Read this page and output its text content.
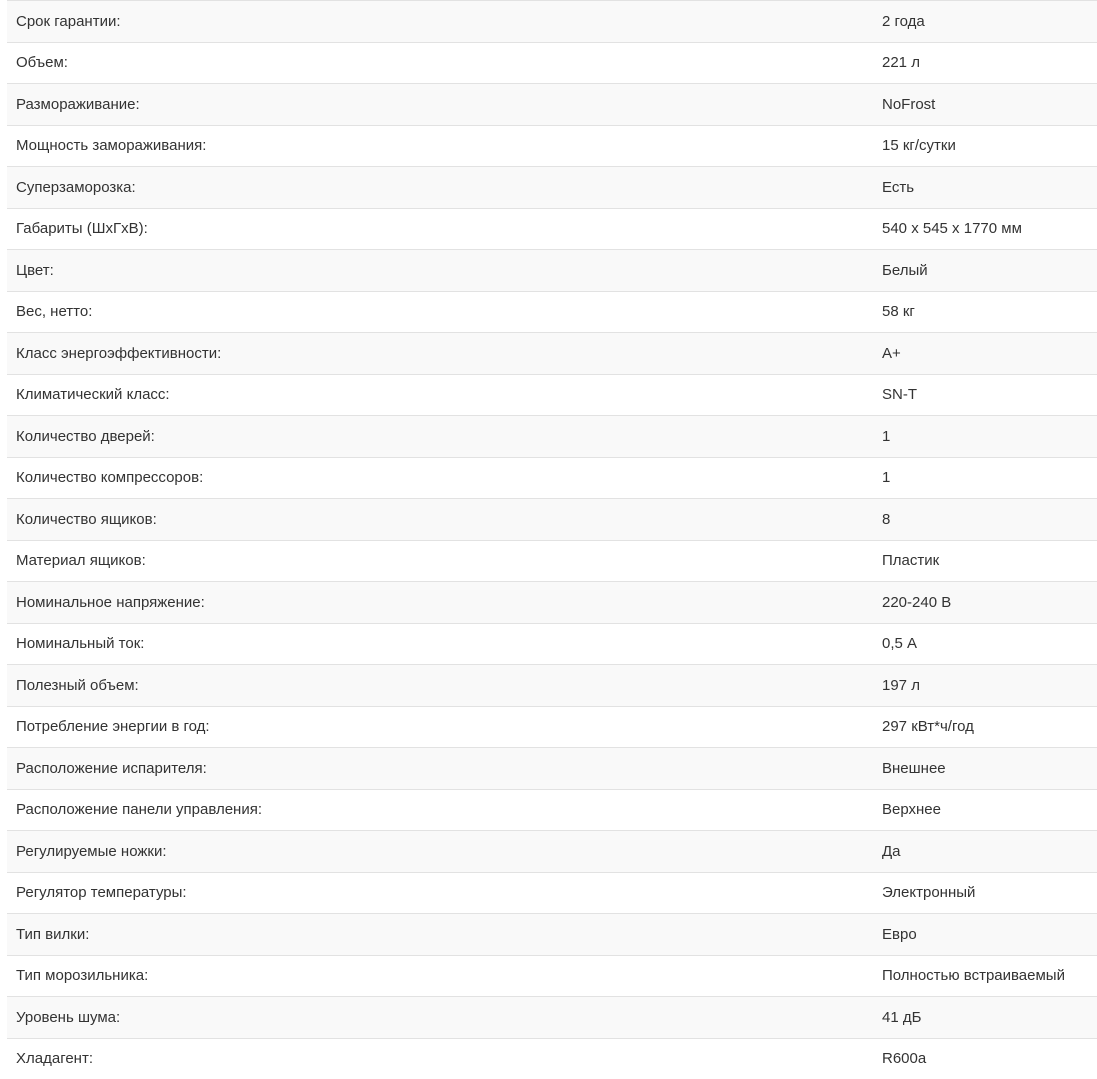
Срок гарантии:	2 года
Объем:	221 л
Размораживание:	NoFrost
Мощность замораживания:	15 кг/сутки
Суперзаморозка:	Есть
Габариты (ШхГхВ):	540 х 545 х 1770 мм
Цвет:	Белый
Вес, нетто:	58 кг
Класс энергоэффективности:	A+
Климатический класс:	SN-T
Количество дверей:	1
Количество компрессоров:	1
Количество ящиков:	8
Материал ящиков:	Пластик
Номинальное напряжение:	220-240 В
Номинальный ток:	0,5 А
Полезный объем:	197 л
Потребление энергии в год:	297 кВт*ч/год
Расположение испарителя:	Внешнее
Расположение панели управления:	Верхнее
Регулируемые ножки:	Да
Регулятор температуры:	Электронный
Тип вилки:	Евро
Тип морозильника:	Полностью встраиваемый
Уровень шума:	41 дБ
Хладагент:	R600a
